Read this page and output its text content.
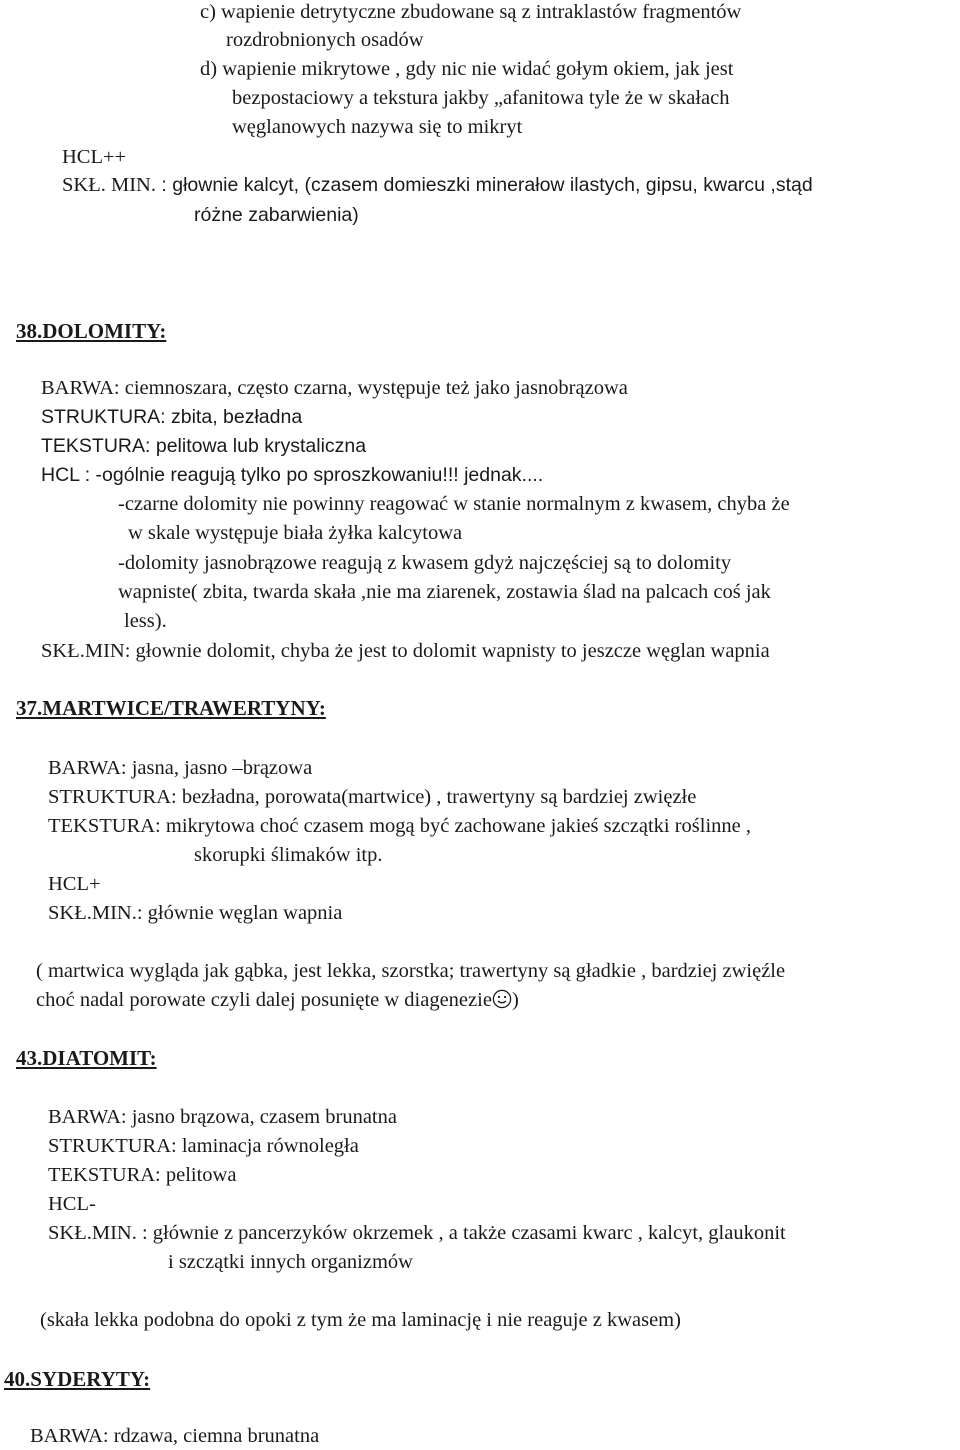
c) wapienie detrytyczne zbudowane są z intraklastów fragmentów
rozdrobnionych osadów
d) wapienie mikrytowe , gdy nic nie widać gołym okiem, jak jest
bezpostaciowy a tekstura jakby „afanitowa tyle że w skałach
węglanowych nazywa się to mikryt
HCL++
SKŁ. MIN. : głownie kalcyt, (czasem domieszki minerałow ilastych, gipsu, kwarcu ,stąd
różne zabarwienia)
38.DOLOMITY:
BARWA: ciemnoszara, często czarna, występuje też jako jasnobrązowa
STRUKTURA: zbita, bezładna
TEKSTURA: pelitowa lub krystaliczna
HCL : -ogólnie reagują tylko po sproszkowaniu!!! jednak....
-czarne dolomity nie powinny reagować w stanie normalnym z kwasem, chyba że
w skale występuje biała żyłka kalcytowa
-dolomity jasnobrązowe reagują z kwasem gdyż najczęściej są to dolomity
wapniste( zbita, twarda skała ,nie ma ziarenek, zostawia ślad na palcach coś jak
less).
SKŁ.MIN: głownie dolomit, chyba że jest to dolomit wapnisty to jeszcze węglan wapnia
37.MARTWICE/TRAWERTYNY:
BARWA: jasna, jasno –brązowa
STRUKTURA: bezładna, porowata(martwice) , trawertyny są bardziej zwięzłe
TEKSTURA: mikrytowa choć czasem mogą być zachowane jakieś szczątki roślinne ,
skorupki ślimaków itp.
HCL+
SKŁ.MIN.: głównie węglan wapnia
( martwica wygląda jak gąbka, jest lekka, szorstka; trawertyny są gładkie , bardziej zwięźle
choć nadal porowate czyli dalej posunięte w diagenezie )
43.DIATOMIT:
BARWA: jasno brązowa, czasem brunatna
STRUKTURA: laminacja równoległa
TEKSTURA: pelitowa
HCL-
SKŁ.MIN. : głównie z pancerzyków okrzemek , a także czasami kwarc , kalcyt, glaukonit
i szczątki innych organizmów
(skała lekka podobna do opoki z tym że ma laminację i nie reaguje z kwasem)
40.SYDERYTY:
BARWA: rdzawa, ciemna brunatna
